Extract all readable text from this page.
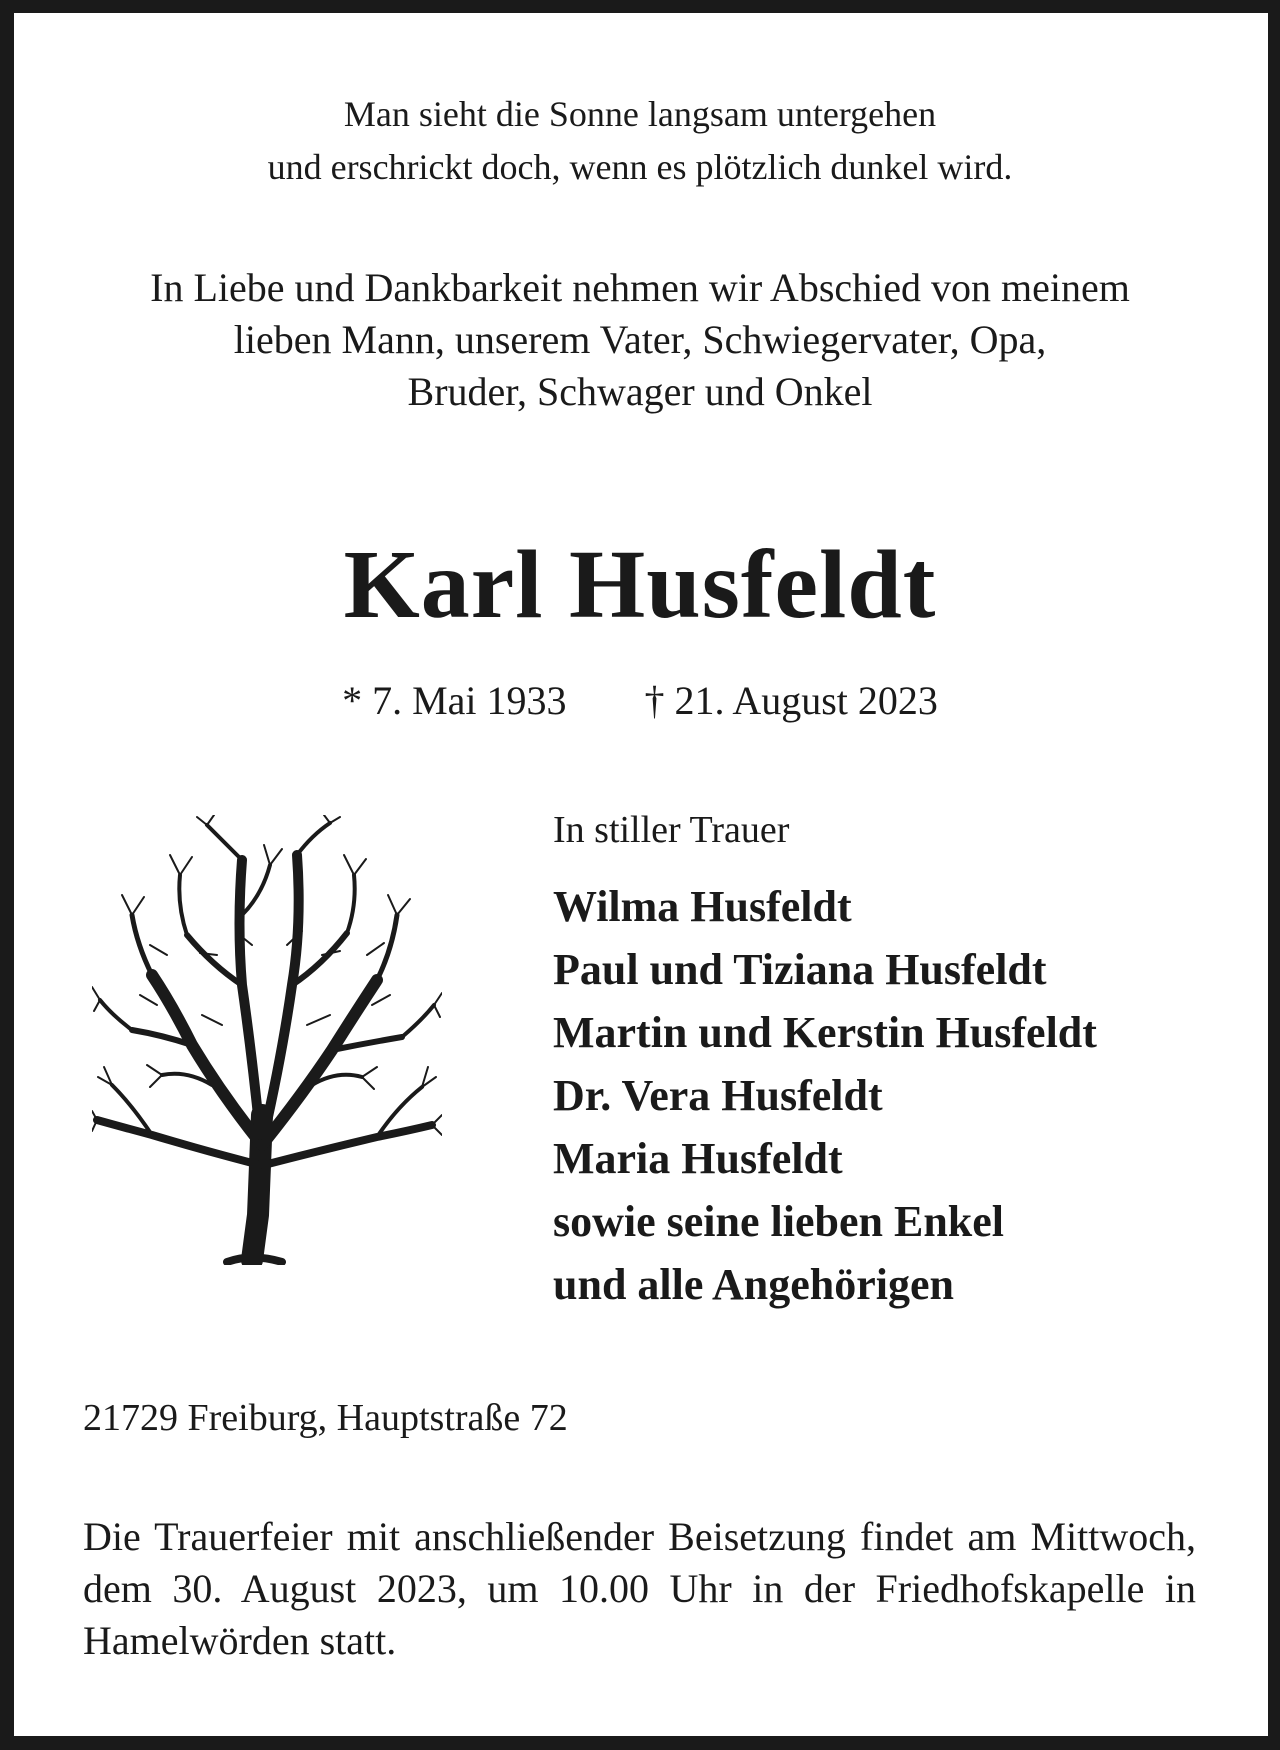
Man sieht die Sonne langsam untergehen
und erschrickt doch, wenn es plötzlich dunkel wird.
In Liebe und Dankbarkeit nehmen wir Abschied von meinem
lieben Mann, unserem Vater, Schwiegervater, Opa,
Bruder, Schwager und Onkel
Karl Husfeldt
* 7. Mai 1933 † 21. August 2023
In stiller Trauer
Wilma Husfeldt
Paul und Tiziana Husfeldt
Martin und Kerstin Husfeldt
Dr. Vera Husfeldt
Maria Husfeldt
sowie seine lieben Enkel
und alle Angehörigen
21729 Freiburg, Hauptstraße 72
Die Trauerfeier mit anschließender Beisetzung findet am Mittwoch, dem 30. August 2023, um 10.00 Uhr in der Friedhofskapelle in Hamelwörden statt.
